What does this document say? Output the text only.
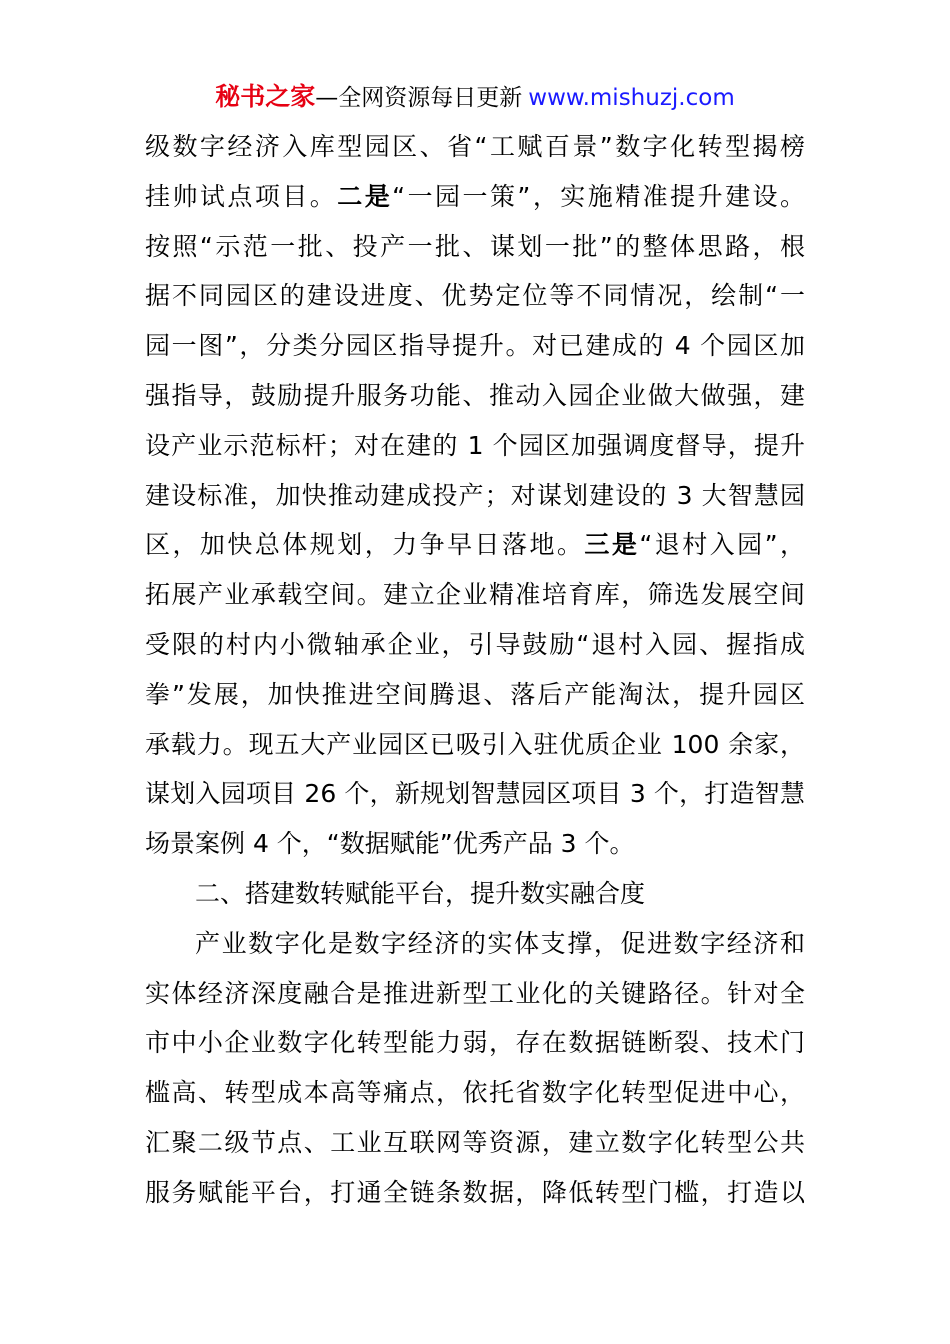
秘书之家—全网资源每日更新 www.mishuzj.com
级数字经济入库型园区、省“工赋百景”数字化转型揭榜
挂帅试点项目。二是“一园一策”，实施精准提升建设。
按照“示范一批、投产一批、谋划一批”的整体思路，根
据不同园区的建设进度、优势定位等不同情况，绘制“一
园一图”，分类分园区指导提升。对已建成的 4 个园区加
强指导，鼓励提升服务功能、推动入园企业做大做强，建
设产业示范标杆；对在建的 1 个园区加强调度督导，提升
建设标准，加快推动建成投产；对谋划建设的 3 大智慧园
区，加快总体规划，力争早日落地。三是“退村入园”，
拓展产业承载空间。建立企业精准培育库，筛选发展空间
受限的村内小微轴承企业，引导鼓励“退村入园、握指成
拳”发展，加快推进空间腾退、落后产能淘汰，提升园区
承载力。现五大产业园区已吸引入驻优质企业 100 余家，
谋划入园项目 26 个，新规划智慧园区项目 3 个，打造智慧
场景案例 4 个，“数据赋能”优秀产品 3 个。
二、搭建数转赋能平台，提升数实融合度
产业数字化是数字经济的实体支撑，促进数字经济和
实体经济深度融合是推进新型工业化的关键路径。针对全
市中小企业数字化转型能力弱，存在数据链断裂、技术门
槛高、转型成本高等痛点，依托省数字化转型促进中心，
汇聚二级节点、工业互联网等资源，建立数字化转型公共
服务赋能平台，打通全链条数据，降低转型门槛，打造以
